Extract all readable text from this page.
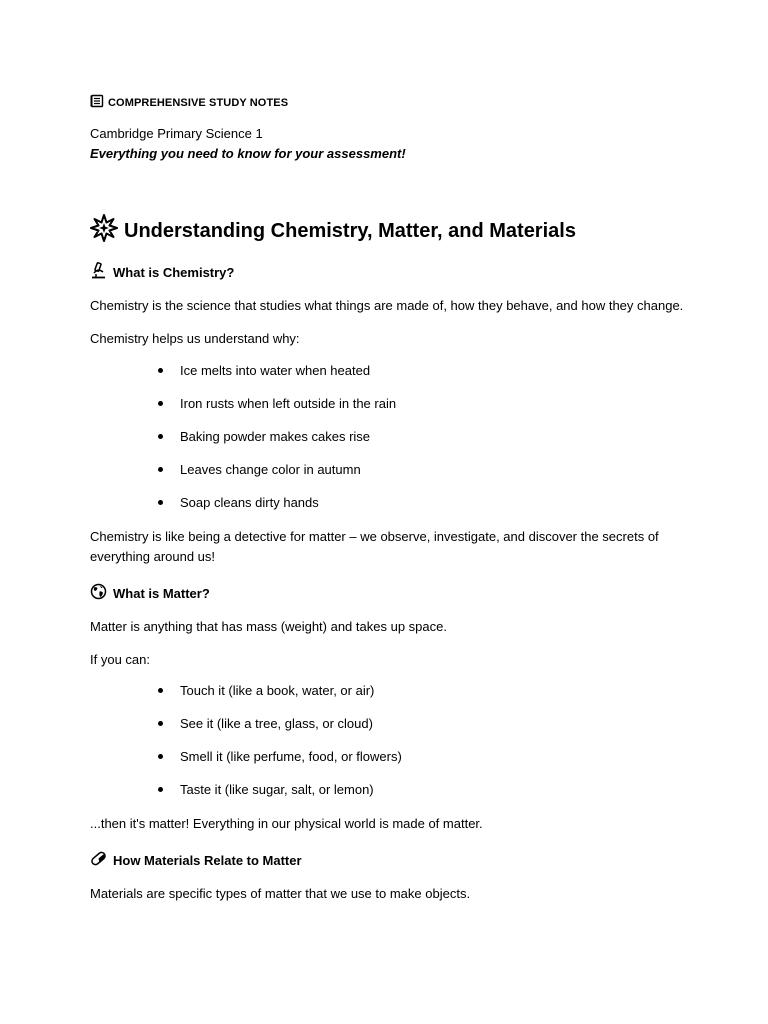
COMPREHENSIVE STUDY NOTES
Cambridge Primary Science 1
Everything you need to know for your assessment!
Understanding Chemistry, Matter, and Materials
What is Chemistry?
Chemistry is the science that studies what things are made of, how they behave, and how they change.
Chemistry helps us understand why:
Ice melts into water when heated
Iron rusts when left outside in the rain
Baking powder makes cakes rise
Leaves change color in autumn
Soap cleans dirty hands
Chemistry is like being a detective for matter – we observe, investigate, and discover the secrets of everything around us!
What is Matter?
Matter is anything that has mass (weight) and takes up space.
If you can:
Touch it (like a book, water, or air)
See it (like a tree, glass, or cloud)
Smell it (like perfume, food, or flowers)
Taste it (like sugar, salt, or lemon)
...then it's matter! Everything in our physical world is made of matter.
How Materials Relate to Matter
Materials are specific types of matter that we use to make objects.
